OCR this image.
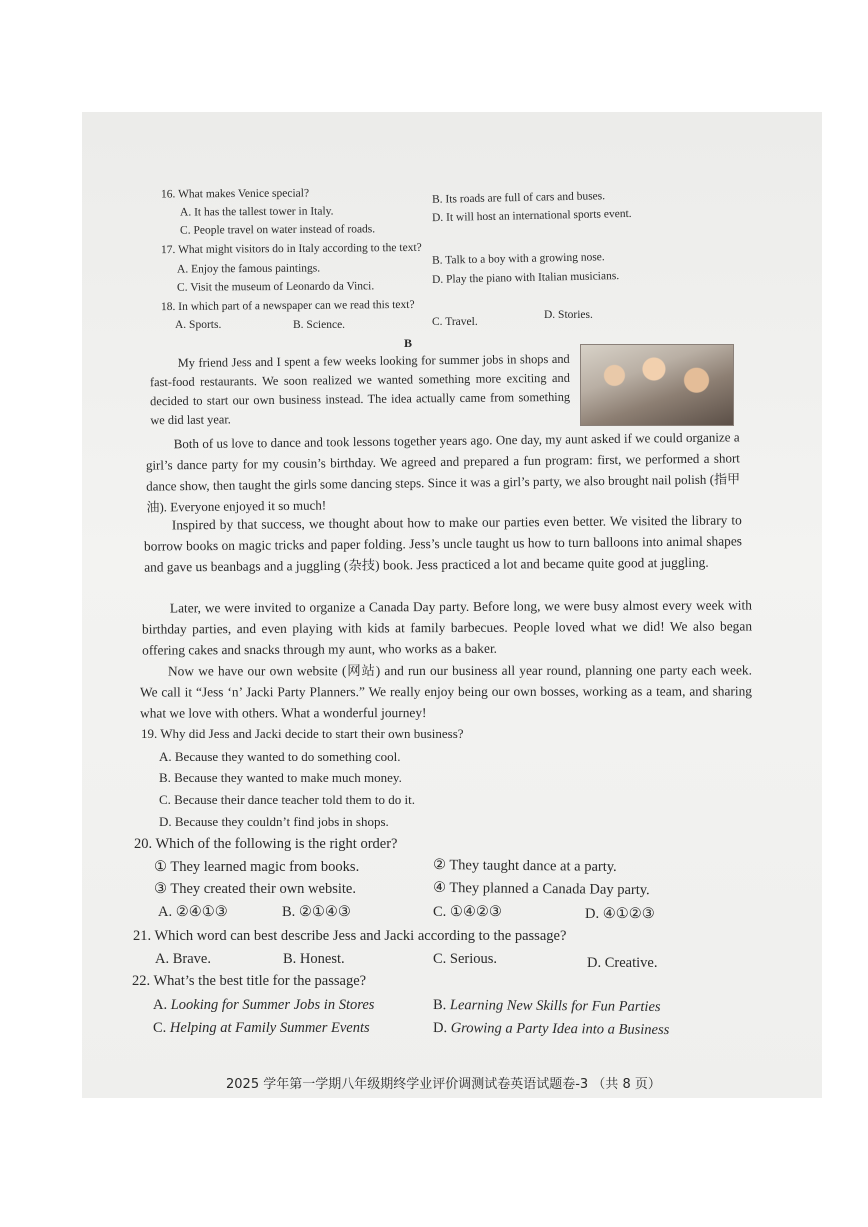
16. What makes Venice special?
A. It has the tallest tower in Italy.
B. Its roads are full of cars and buses.
C. People travel on water instead of roads.
D. It will host an international sports event.
17. What might visitors do in Italy according to the text?
A. Enjoy the famous paintings.
B. Talk to a boy with a growing nose.
C. Visit the museum of Leonardo da Vinci.
D. Play the piano with Italian musicians.
18. In which part of a newspaper can we read this text?
A. Sports.	B. Science.	C. Travel.
D. Stories.
B

My friend Jess and I spent a few weeks looking for summer jobs in shops and fast-food restaurants. We soon realized we wanted something more exciting and decided to start our own business instead. The idea actually came from something we did last year.

Both of us love to dance and took lessons together years ago. One day, my aunt asked if we could organize a girl’s dance party for my cousin’s birthday. We agreed and prepared a fun program: first, we performed a short dance show, then taught the girls some dancing steps. Since it was a girl’s party, we also brought nail polish (指甲油). Everyone enjoyed it so much!

Inspired by that success, we thought about how to make our parties even better. We visited the library to borrow books on magic tricks and paper folding. Jess’s uncle taught us how to turn balloons into animal shapes and gave us beanbags and a juggling (杂技) book. Jess practiced a lot and became quite good at juggling.

Later, we were invited to organize a Canada Day party. Before long, we were busy almost every week with birthday parties, and even playing with kids at family barbecues. People loved what we did! We also began offering cakes and snacks through my aunt, who works as a baker.

Now we have our own website (网站) and run our business all year round, planning one party each week. We call it “Jess ‘n’ Jacki Party Planners.” We really enjoy being our own bosses, working as a team, and sharing what we love with others. What a wonderful journey!

19. Why did Jess and Jacki decide to start their own business?
A. Because they wanted to do something cool.
B. Because they wanted to make much money.
C. Because their dance teacher told them to do it.
D. Because they couldn’t find jobs in shops.
20. Which of the following is the right order?
① They learned magic from books.	② They taught dance at a party.
③ They created their own website.	④ They planned a Canada Day party.
A. ②④①③	B. ②①④③	C. ①④②③	D. ④①②③
21. Which word can best describe Jess and Jacki according to the passage?
A. Brave.	B. Honest.	C. Serious.	D. Creative.
22. What’s the best title for the passage?
A. Looking for Summer Jobs in Stores	B. Learning New Skills for Fun Parties
C. Helping at Family Summer Events	D. Growing a Party Idea into a Business
2025 学年第一学期八年级期终学业评价调测试卷英语试题卷-3 （共 8 页）
